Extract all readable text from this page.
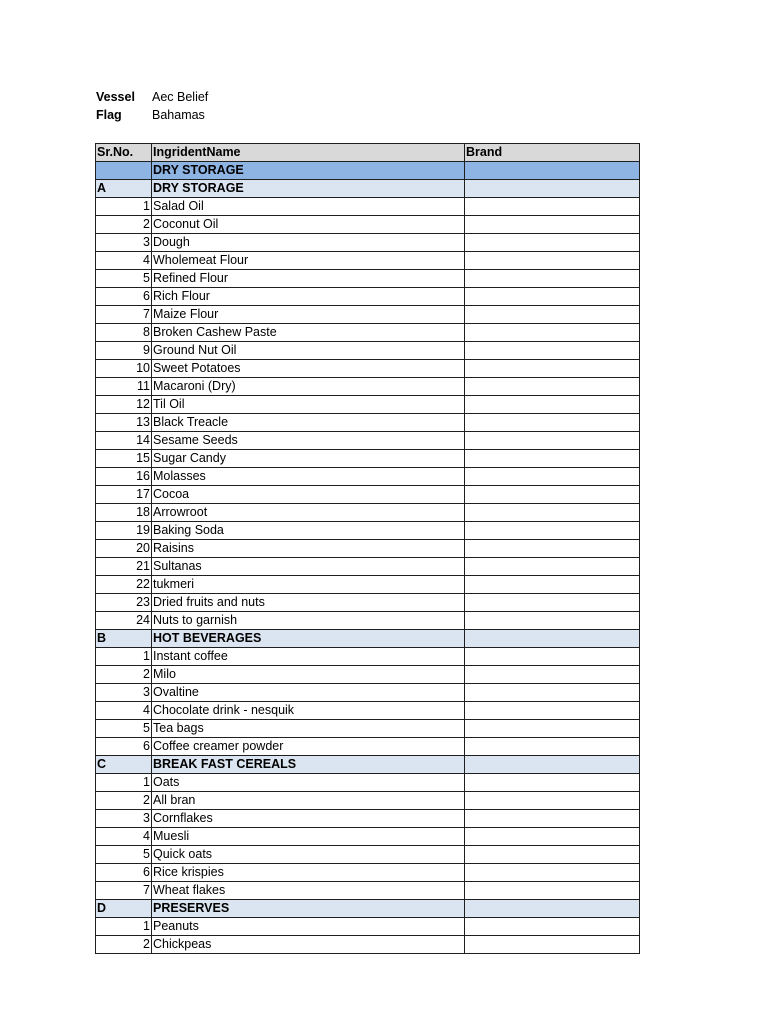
Vessel Aec Belief
Flag Bahamas
Sr.No.	IngridentName	Brand
	DRY STORAGE	
A	DRY STORAGE	
1	Salad Oil	
2	Coconut Oil	
3	Dough	
4	Wholemeat Flour	
5	Refined Flour	
6	Rich Flour	
7	Maize Flour	
8	Broken Cashew Paste	
9	Ground Nut Oil	
10	Sweet Potatoes	
11	Macaroni (Dry)	
12	Til Oil	
13	Black Treacle	
14	Sesame Seeds	
15	Sugar Candy	
16	Molasses	
17	Cocoa	
18	Arrowroot	
19	Baking Soda	
20	Raisins	
21	Sultanas	
22	tukmeri	
23	Dried fruits and nuts	
24	Nuts to garnish	
B	HOT BEVERAGES	
1	Instant coffee	
2	Milo	
3	Ovaltine	
4	Chocolate drink - nesquik	
5	Tea bags	
6	Coffee creamer powder	
C	BREAK FAST CEREALS	
1	Oats	
2	All bran	
3	Cornflakes	
4	Muesli	
5	Quick oats	
6	Rice krispies	
7	Wheat flakes	
D	PRESERVES	
1	Peanuts	
2	Chickpeas	
